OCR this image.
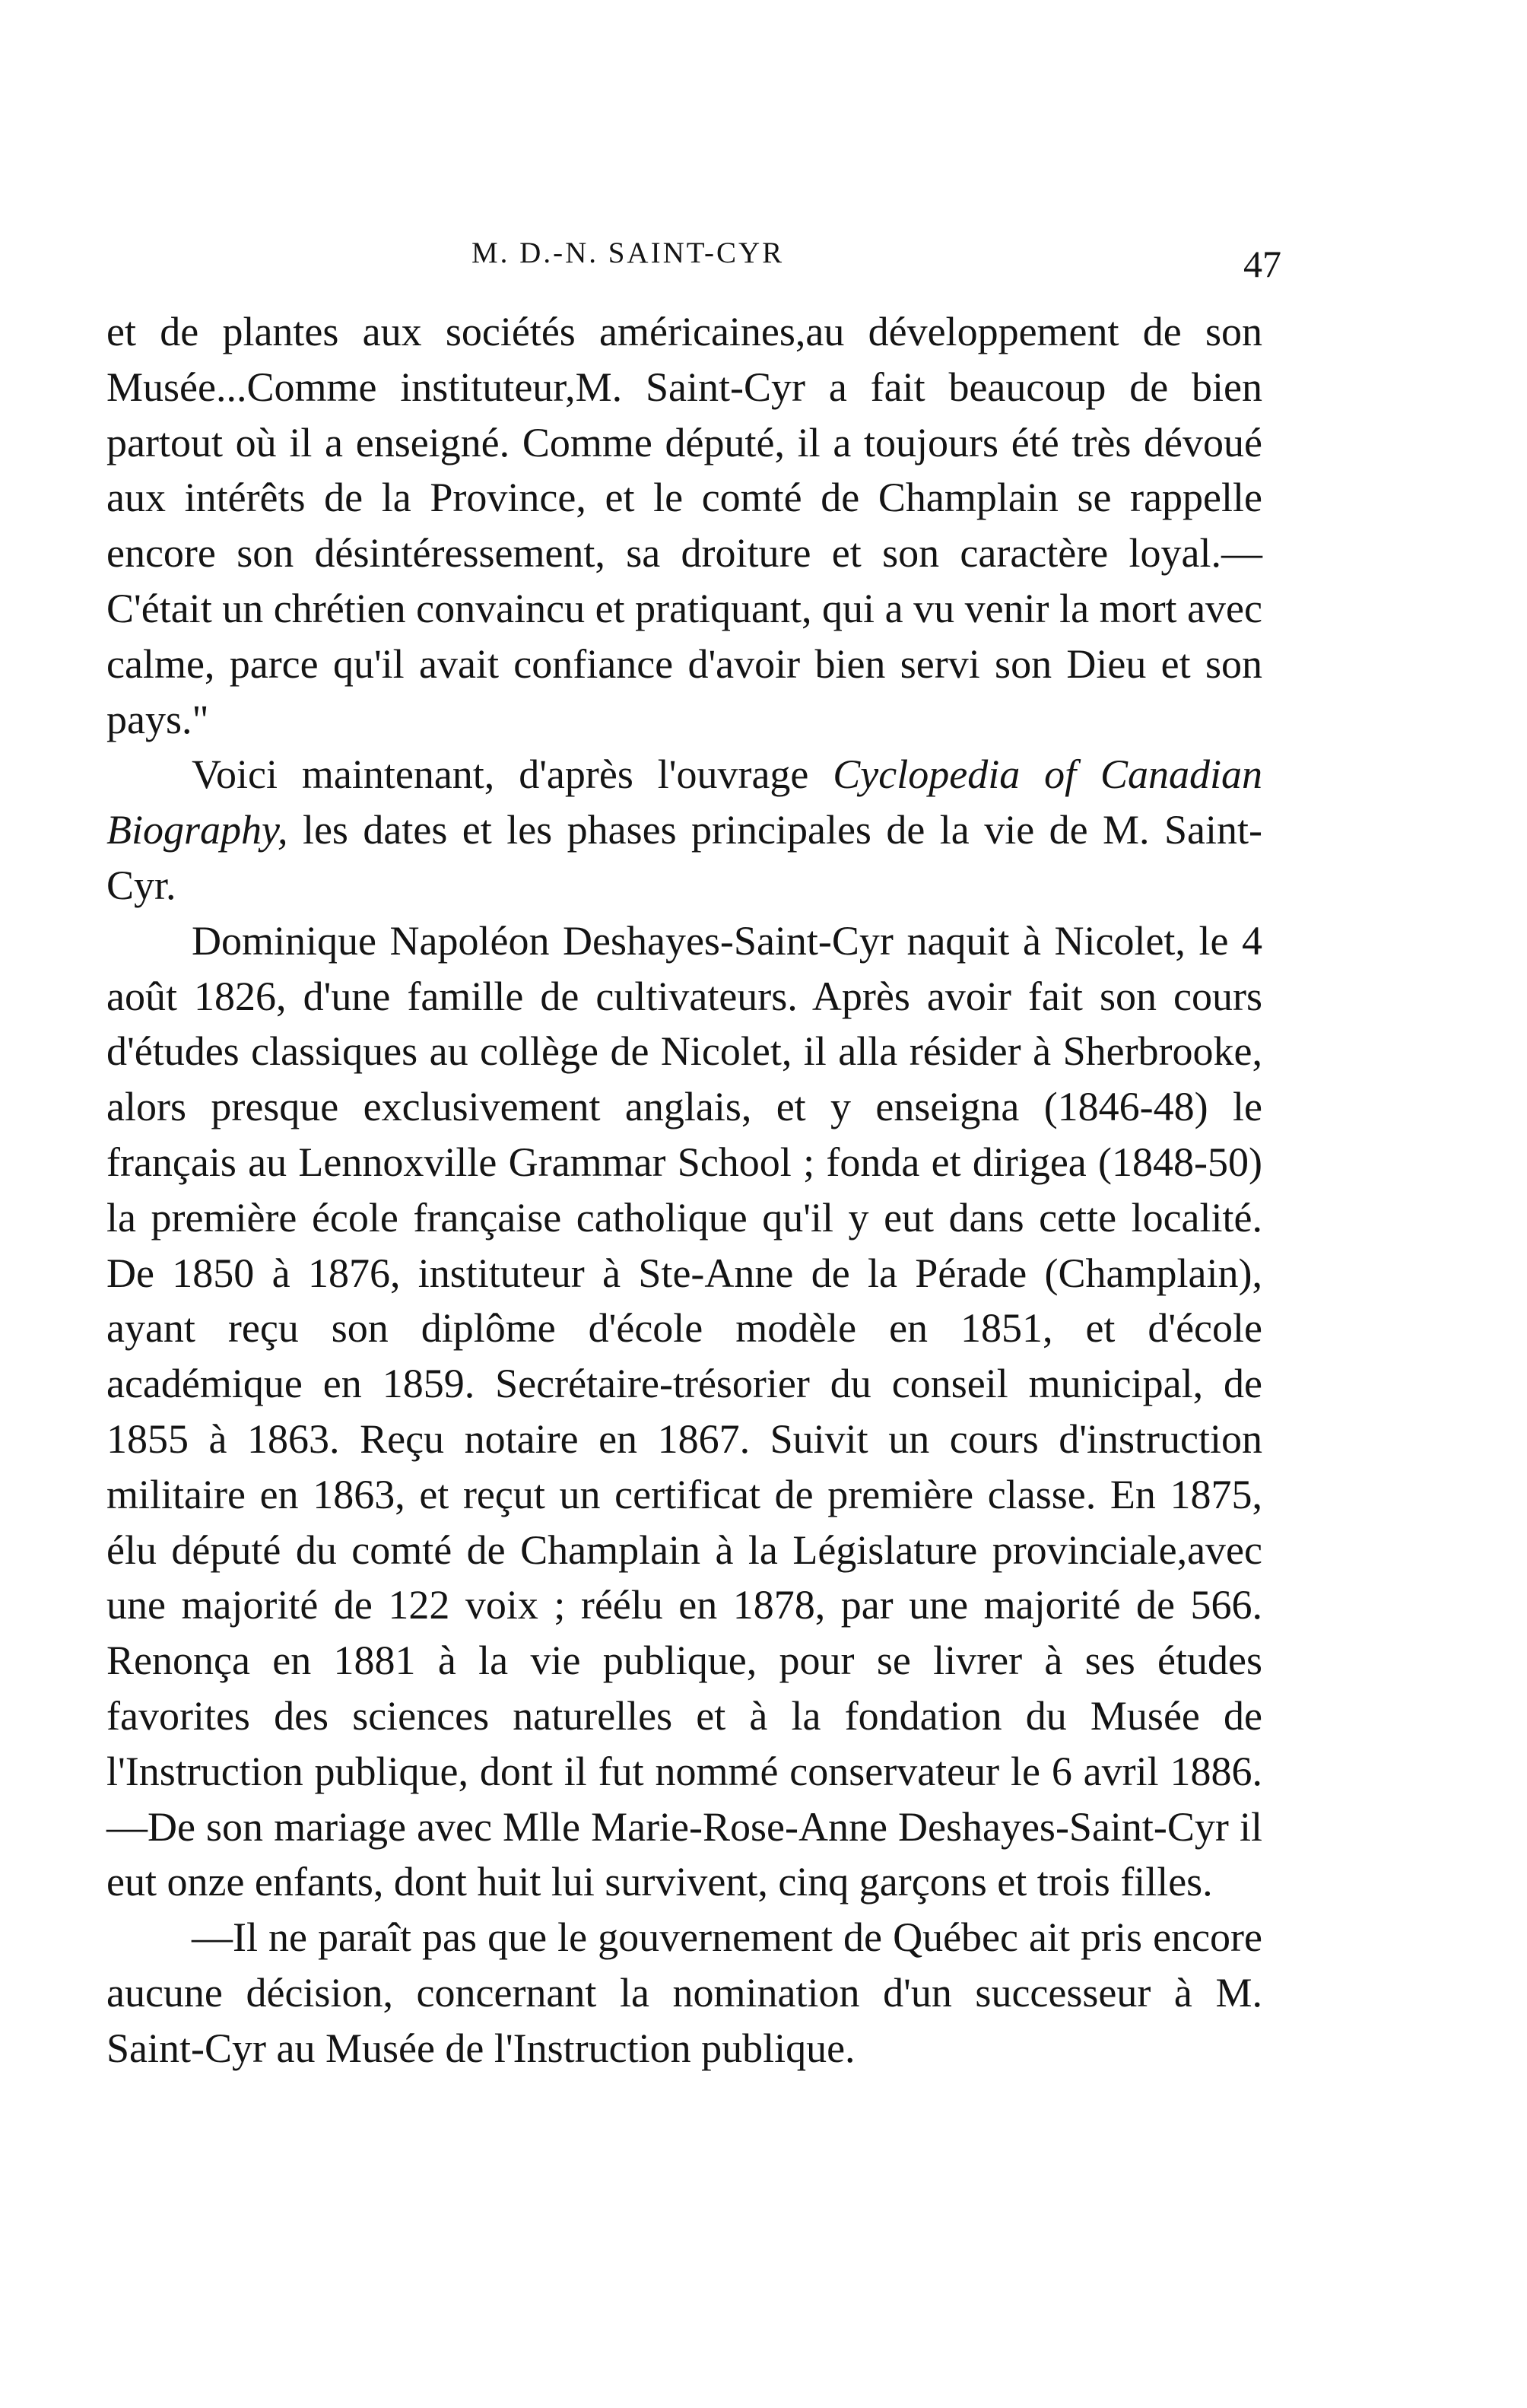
M. D.-N. SAINT-CYR	47

et de plantes aux sociétés américaines,au développement de son Musée...Comme instituteur,M. Saint-Cyr a fait beaucoup de bien partout où il a enseigné. Comme député, il a toujours été très dévoué aux intérêts de la Province, et le comté de Champlain se rappelle encore son désintéressement, sa droiture et son caractère loyal.—C'était un chrétien convaincu et pratiquant, qui a vu venir la mort avec calme, parce qu'il avait confiance d'avoir bien servi son Dieu et son pays."

Voici maintenant, d'après l'ouvrage Cyclopedia of Canadian Biography, les dates et les phases principales de la vie de M. Saint-Cyr.

Dominique Napoléon Deshayes-Saint-Cyr naquit à Nicolet, le 4 août 1826, d'une famille de cultivateurs. Après avoir fait son cours d'études classiques au collège de Nicolet, il alla résider à Sherbrooke, alors presque exclusivement anglais, et y enseigna (1846-48) le français au Lennoxville Grammar School ; fonda et dirigea (1848-50) la première école française catholique qu'il y eut dans cette localité. De 1850 à 1876, instituteur à Ste-Anne de la Pérade (Champlain), ayant reçu son diplôme d'école modèle en 1851, et d'école académique en 1859. Secrétaire-trésorier du conseil municipal, de 1855 à 1863. Reçu notaire en 1867. Suivit un cours d'instruction militaire en 1863, et reçut un certificat de première classe. En 1875, élu député du comté de Champlain à la Législature provinciale,avec une majorité de 122 voix ; réélu en 1878, par une majorité de 566. Renonça en 1881 à la vie publique, pour se livrer à ses études favorites des sciences naturelles et à la fondation du Musée de l'Instruction publique, dont il fut nommé conservateur le 6 avril 1886.—De son mariage avec Mlle Marie-Rose-Anne Deshayes-Saint-Cyr il eut onze enfants, dont huit lui survivent, cinq garçons et trois filles.

—Il ne paraît pas que le gouvernement de Québec ait pris encore aucune décision, concernant la nomination d'un successeur à M. Saint-Cyr au Musée de l'Instruction publique.
